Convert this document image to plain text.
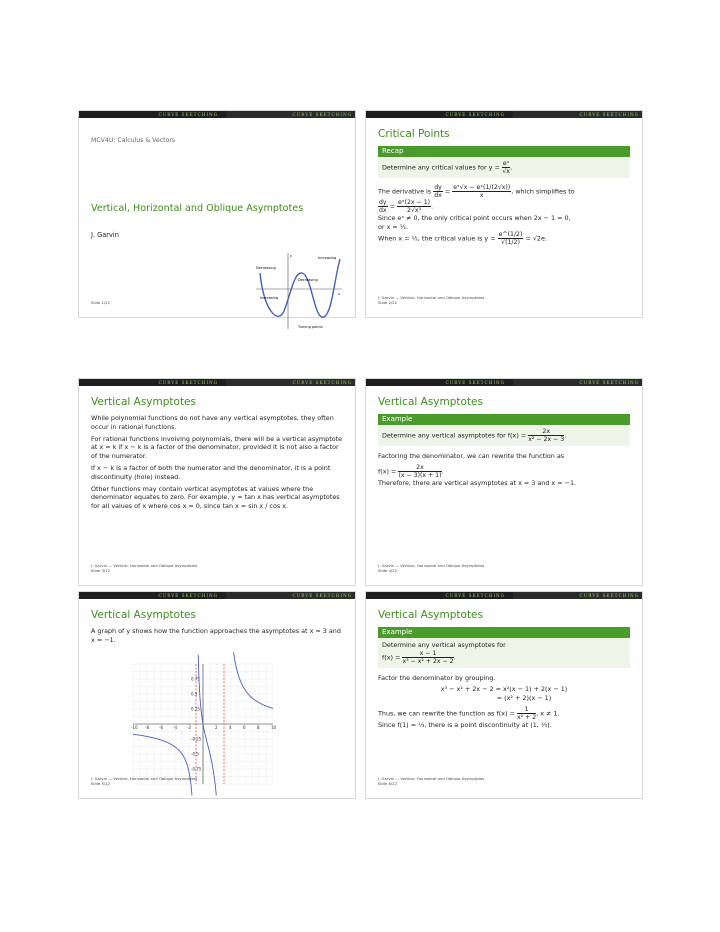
CURVE SKETCHING	CURVE SKETCHING
MCV4U: Calculus & Vectors
Vertical, Horizontal and Oblique Asymptotes
J. Garvin
y
x
Increasing
Decreasing
Decreasing
Increasing
Turning points
Slide 1/22
CURVE SKETCHING	CURVE SKETCHING
Critical Points
Recap
Determine any critical values for $y = \frac{\text{eˣ}}{√x}$ .
The derivative is $\frac{dy}{dx} = \frac{\text{eˣ√x − eˣ(1/(2√x))}}{x}$ , which simplifies to
$\frac{dy}{dx} = \frac{\text{eˣ(2x − 1)}}{\text{2√x³}}$ .
Since eˣ ≠ 0, the only critical point occurs when 2x − 1 = 0,
or x = ½.
When x = ½, the critical value is $y = \frac{e\^{}(1/2)}{√(1/2)} = √2e$.
J. Garvin — Vertical, Horizontal and Oblique Asymptotes
Slide 2/22
CURVE SKETCHING	CURVE SKETCHING
Vertical Asymptotes

While polynomial functions do not have any vertical asymptotes, they often occur in rational functions.

For rational functions involving polynomials, there will be a vertical asymptote at x = k if x − k is a factor of the denominator, provided it is not also a factor of the numerator.

If x − k is a factor of both the numerator and the denominator, it is a point discontinuity (hole) instead.

Other functions may contain vertical asymptotes at values where the denominator equates to zero. For example, y = tan x has vertical asymptotes for all values of x where cos x = 0, since tan x = sin x / cos x.

J. Garvin — Vertical, Horizontal and Oblique Asymptotes
Slide 3/22
CURVE SKETCHING	CURVE SKETCHING
Vertical Asymptotes
Example
Determine any vertical asymptotes for $f(x) = \frac{2x}{\text{x² − 2x − 3}}$ .

Factoring the denominator, we can rewrite the function as

$f(x) = \frac{2x}{(x - 3)(x + 1)}$ .

Therefore, there are vertical asymptotes at x = 3 and x = −1.

J. Garvin — Vertical, Horizontal and Oblique Asymptotes
Slide 4/22
CURVE SKETCHING	CURVE SKETCHING
Vertical Asymptotes

A graph of y shows how the function approaches the asymptotes at x = 3 and x = −1.

-10 -8	-6	-4	-2	2	4	6	8	10
0.75
0.5
0.25
-0.25
-0.5
-0.75
J. Garvin — Vertical, Horizontal and Oblique Asymptotes
Slide 5/22
CURVE SKETCHING	CURVE SKETCHING
Vertical Asymptotes
Example
Determine any vertical asymptotes for
$f(x) = \frac{x - 1}{\text{x³ − x² + 2x − 2}}$ .

Factor the denominator by grouping.

x³ − x² + 2x − 2 = x²(x − 1) + 2(x − 1)
= (x² + 2)(x − 1)
Thus, we can rewrite the function as $f(x) = \frac{1}{\text{x² + 2}}$ , x ≠ 1.
Since f(1) = ⅓, there is a point discontinuity at (1, ⅓).
J. Garvin — Vertical, Horizontal and Oblique Asymptotes
Slide 6/22
